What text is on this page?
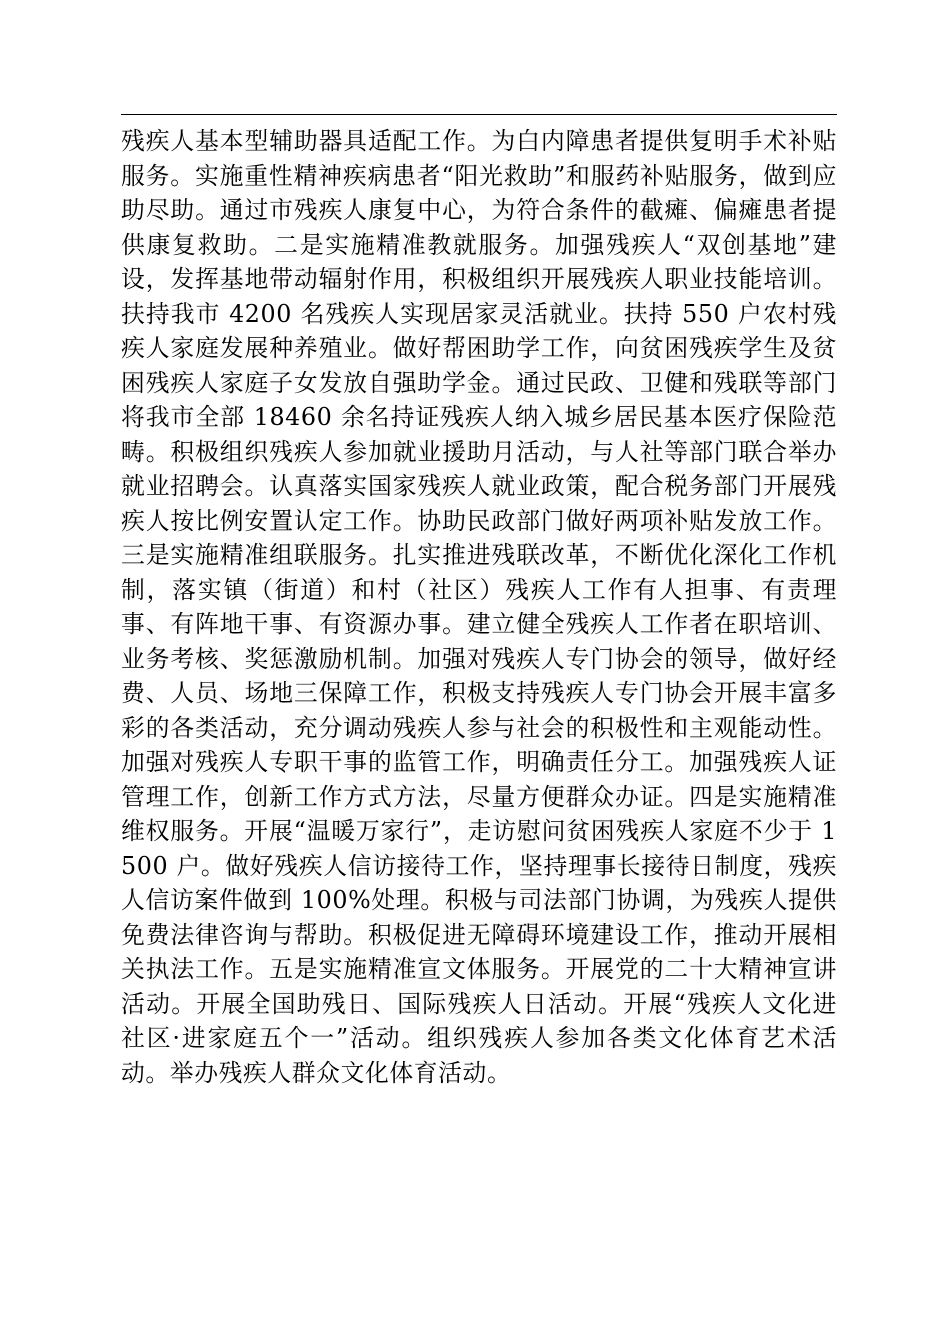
残疾人基本型辅助器具适配工作。为白内障患者提供复明手术补贴服务。实施重性精神疾病患者“阳光救助”和服药补贴服务，做到应助尽助。通过市残疾人康复中心，为符合条件的截瘫、偏瘫患者提供康复救助。二是实施精准教就服务。加强残疾人“双创基地”建设，发挥基地带动辐射作用，积极组织开展残疾人职业技能培训。扶持我市 4200 名残疾人实现居家灵活就业。扶持 550 户农村残疾人家庭发展种养殖业。做好帮困助学工作，向贫困残疾学生及贫困残疾人家庭子女发放自强助学金。通过民政、卫健和残联等部门将我市全部 18460 余名持证残疾人纳入城乡居民基本医疗保险范畴。积极组织残疾人参加就业援助月活动，与人社等部门联合举办就业招聘会。认真落实国家残疾人就业政策，配合税务部门开展残疾人按比例安置认定工作。协助民政部门做好两项补贴发放工作。三是实施精准组联服务。扎实推进残联改革，不断优化深化工作机制，落实镇（街道）和村（社区）残疾人工作有人担事、有责理事、有阵地干事、有资源办事。建立健全残疾人工作者在职培训、业务考核、奖惩激励机制。加强对残疾人专门协会的领导，做好经费、人员、场地三保障工作，积极支持残疾人专门协会开展丰富多彩的各类活动，充分调动残疾人参与社会的积极性和主观能动性。加强对残疾人专职干事的监管工作，明确责任分工。加强残疾人证管理工作，创新工作方式方法，尽量方便群众办证。四是实施精准维权服务。开展“温暖万家行”，走访慰问贫困残疾人家庭不少于 1500 户。做好残疾人信访接待工作，坚持理事长接待日制度，残疾人信访案件做到 100%处理。积极与司法部门协调，为残疾人提供免费法律咨询与帮助。积极促进无障碍环境建设工作，推动开展相关执法工作。五是实施精准宣文体服务。开展党的二十大精神宣讲活动。开展全国助残日、国际残疾人日活动。开展“残疾人文化进社区·进家庭五个一”活动。组织残疾人参加各类文化体育艺术活动。举办残疾人群众文化体育活动。
